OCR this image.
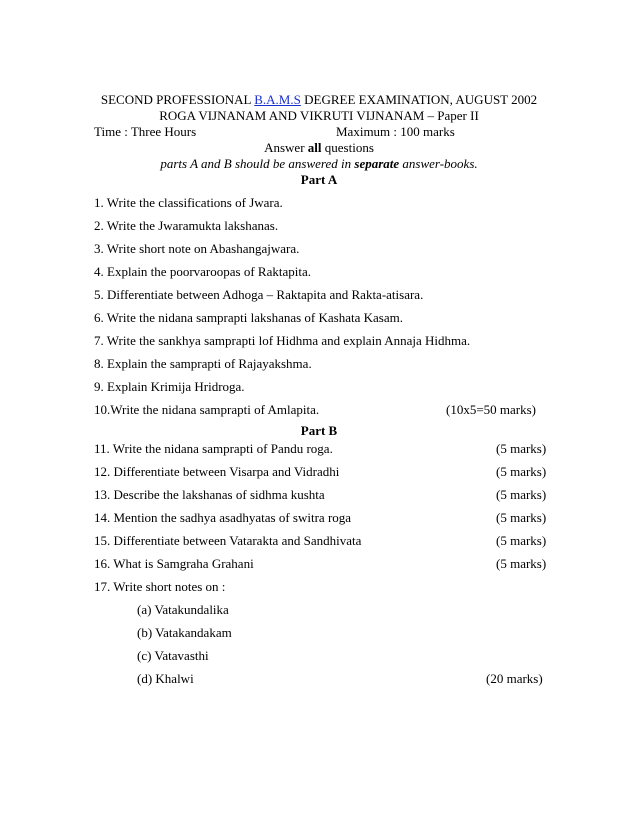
SECOND PROFESSIONAL B.A.M.S DEGREE EXAMINATION, AUGUST 2002
ROGA VIJNANAM AND VIKRUTI VIJNANAM – Paper II
Time : Three Hours	Maximum : 100 marks
Answer all questions
parts A and B should be answered in separate answer-books.
Part A
1. Write the classifications of Jwara.
2. Write the Jwaramukta lakshanas.
3. Write short note on Abashangajwara.
4. Explain the poorvaroopas of Raktapita.
5. Differentiate between Adhoga – Raktapita and Rakta-atisara.
6. Write the nidana samprapti lakshanas of Kashata Kasam.
7. Write the sankhya samprapti lof Hidhma and explain Annaja Hidhma.
8. Explain the samprapti of Rajayakshma.
9. Explain Krimija Hridroga.
10.Write the nidana samprapti of Amlapita.	(10x5=50 marks)
Part B
11. Write the nidana samprapti of Pandu roga.	(5 marks)
12. Differentiate between Visarpa and Vidradhi	(5 marks)
13. Describe the lakshanas of sidhma kushta	(5 marks)
14. Mention the sadhya asadhyatas of switra roga	(5 marks)
15. Differentiate between Vatarakta and Sandhivata	(5 marks)
16. What is Samgraha Grahani	(5 marks)
17. Write short notes on :
(a) Vatakundalika
(b) Vatakandakam
(c) Vatavasthi
(d) Khalwi	(20 marks)
